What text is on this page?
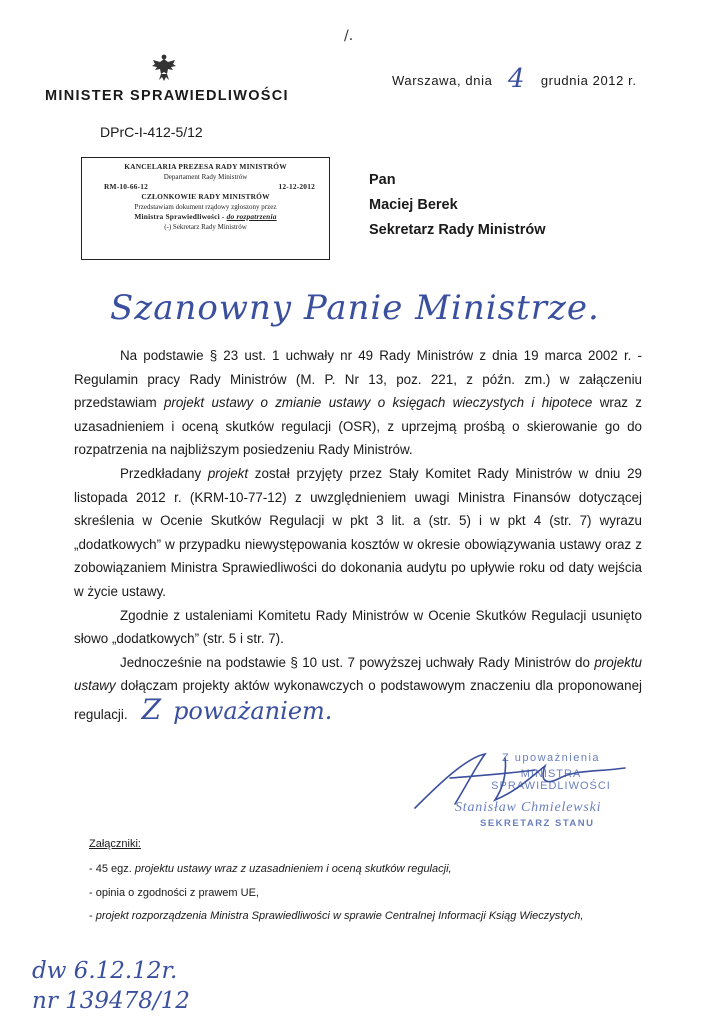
/.
MINISTER SPRAWIEDLIWOŚCI
Warszawa, dnia 4 grudnia 2012 r.
DPrC-I-412-5/12
KANCELARIA PREZESA RADY MINISTRÓW
Departament Rady Ministrów
RM-10-66-12	12-12-2012
CZŁONKOWIE RADY MINISTRÓW
Przedstawiam dokument rządowy zgłoszony przez
Ministra Sprawiedliwości - do rozpatrzenia
(-) Sekretarz Rady Ministrów
Pan
Maciej Berek
Sekretarz Rady Ministrów
Szanowny Panie Ministrze.

Na podstawie § 23 ust. 1 uchwały nr 49 Rady Ministrów z dnia 19 marca 2002 r. - Regulamin pracy Rady Ministrów (M. P. Nr 13, poz. 221, z późn. zm.) w załączeniu przedstawiam projekt ustawy o zmianie ustawy o księgach wieczystych i hipotece wraz z uzasadnieniem i oceną skutków regulacji (OSR), z uprzejmą prośbą o skierowanie go do rozpatrzenia na najbliższym posiedzeniu Rady Ministrów.

Przedkładany projekt został przyjęty przez Stały Komitet Rady Ministrów w dniu 29 listopada 2012 r. (KRM-10-77-12) z uwzględnieniem uwagi Ministra Finansów dotyczącej skreślenia w Ocenie Skutków Regulacji w pkt 3 lit. a (str. 5) i w pkt 4 (str. 7) wyrazu „dodatkowych” w przypadku niewystępowania kosztów w okresie obowiązywania ustawy oraz z zobowiązaniem Ministra Sprawiedliwości do dokonania audytu po upływie roku od daty wejścia w życie ustawy.

Zgodnie z ustaleniami Komitetu Rady Ministrów w Ocenie Skutków Regulacji usunięto słowo „dodatkowych” (str. 5 i str. 7).

Jednocześnie na podstawie § 10 ust. 7 powyższej uchwały Rady Ministrów do projektu ustawy dołączam projekty aktów wykonawczych o podstawowym znaczeniu dla proponowanej regulacji. Z poważaniem.

Z upoważnienia
MINISTRA SPRAWIEDLIWOŚCI
Stanisław Chmielewski
SEKRETARZ STANU
Załączniki:
- 45 egz. projektu ustawy wraz z uzasadnieniem i oceną skutków regulacji,
- opinia o zgodności z prawem UE,
- projekt rozporządzenia Ministra Sprawiedliwości w sprawie Centralnej Informacji Ksiąg Wieczystych,
dw 6.12.12r.
nr 139478/12
